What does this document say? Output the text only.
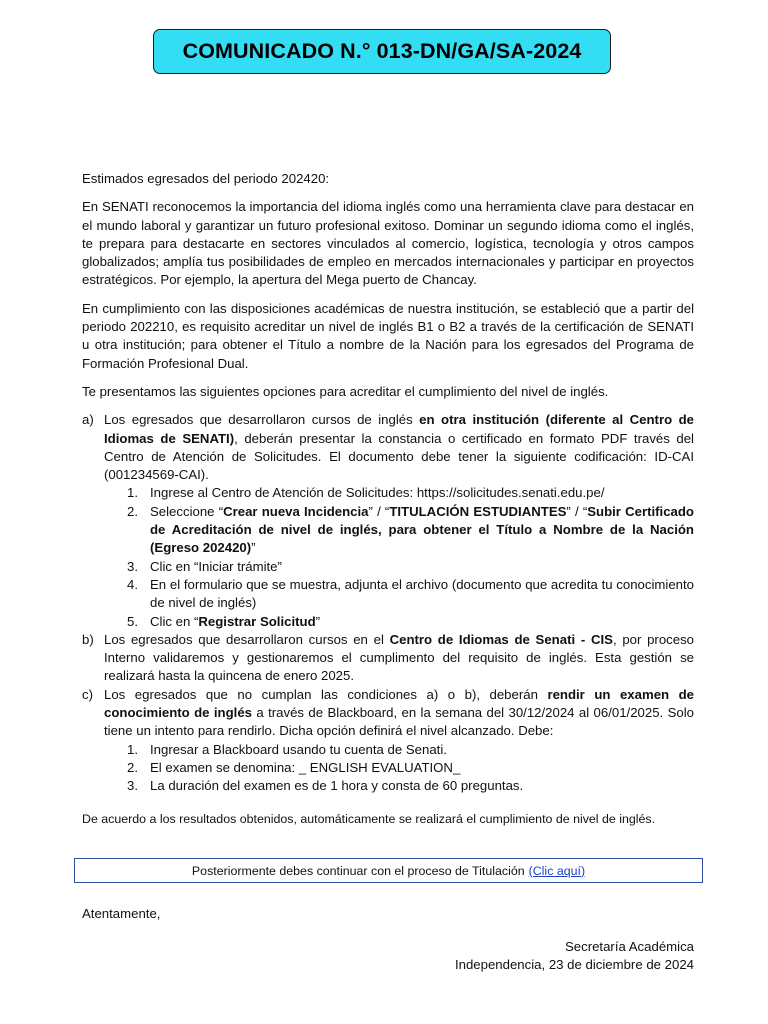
COMUNICADO N.° 013-DN/GA/SA-2024

Estimados egresados del periodo 202420:

En SENATI reconocemos la importancia del idioma inglés como una herramienta clave para destacar en el mundo laboral y garantizar un futuro profesional exitoso. Dominar un segundo idioma como el inglés, te prepara para destacarte en sectores vinculados al comercio, logística, tecnología y otros campos globalizados; amplía tus posibilidades de empleo en mercados internacionales y participar en proyectos estratégicos. Por ejemplo, la apertura del Mega puerto de Chancay.

En cumplimiento con las disposiciones académicas de nuestra institución, se estableció que a partir del periodo 202210, es requisito acreditar un nivel de inglés B1 o B2 a través de la certificación de SENATI u otra institución; para obtener el Título a nombre de la Nación para los egresados del Programa de Formación Profesional Dual.

Te presentamos las siguientes opciones para acreditar el cumplimiento del nivel de inglés.

a) Los egresados que desarrollaron cursos de inglés en otra institución (diferente al Centro de Idiomas de SENATI), deberán presentar la constancia o certificado en formato PDF través del Centro de Atención de Solicitudes. El documento debe tener la siguiente codificación: ID-CAI (001234569-CAI).
1. Ingrese al Centro de Atención de Solicitudes: https://solicitudes.senati.edu.pe/
2. Seleccione “Crear nueva Incidencia” / “TITULACIÓN ESTUDIANTES” / “Subir Certificado de Acreditación de nivel de inglés, para obtener el Título a Nombre de la Nación (Egreso 202420)”
3. Clic en “Iniciar trámite”
4. En el formulario que se muestra, adjunta el archivo (documento que acredita tu conocimiento de nivel de inglés)
5. Clic en “Registrar Solicitud”
b) Los egresados que desarrollaron cursos en el Centro de Idiomas de Senati - CIS, por proceso Interno validaremos y gestionaremos el cumplimento del requisito de inglés. Esta gestión se realizará hasta la quincena de enero 2025.
c) Los egresados que no cumplan las condiciones a) o b), deberán rendir un examen de conocimiento de inglés a través de Blackboard, en la semana del 30/12/2024 al 06/01/2025. Solo tiene un intento para rendirlo. Dicha opción definirá el nivel alcanzado. Debe:
1. Ingresar a Blackboard usando tu cuenta de Senati.
2. El examen se denomina: _ ENGLISH EVALUATION_
3. La duración del examen es de 1 hora y consta de 60 preguntas.

De acuerdo a los resultados obtenidos, automáticamente se realizará el cumplimiento de nivel de inglés.

Posteriormente debes continuar con el proceso de Titulación (Clic aquí)
Atentamente,
Secretaría Académica
Independencia, 23 de diciembre de 2024
